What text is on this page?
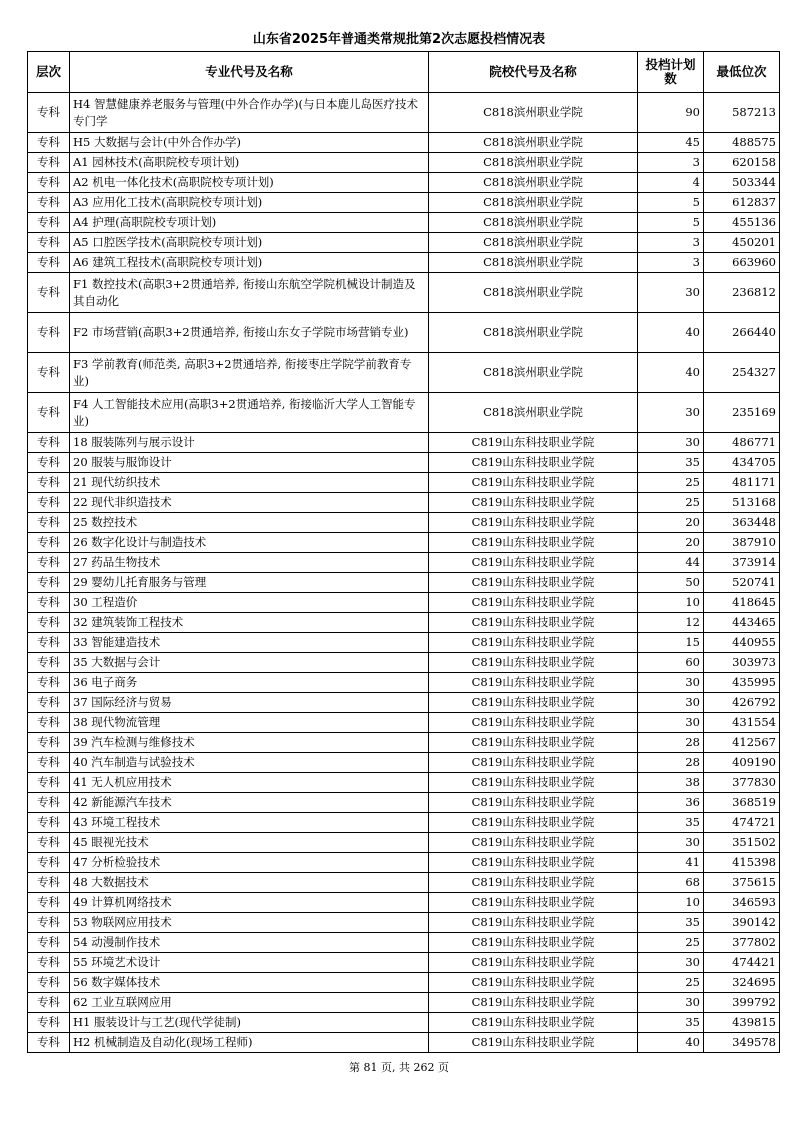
山东省2025年普通类常规批第2次志愿投档情况表
层次	专业代号及名称	院校代号及名称	投档计划数	最低位次
专科	H4 智慧健康养老服务与管理(中外合作办学)(与日本鹿儿岛医疗技术专门学	C818滨州职业学院	90	587213
专科	H5 大数据与会计(中外合作办学)	C818滨州职业学院	45	488575
专科	A1 园林技术(高职院校专项计划)	C818滨州职业学院	3	620158
专科	A2 机电一体化技术(高职院校专项计划)	C818滨州职业学院	4	503344
专科	A3 应用化工技术(高职院校专项计划)	C818滨州职业学院	5	612837
专科	A4 护理(高职院校专项计划)	C818滨州职业学院	5	455136
专科	A5 口腔医学技术(高职院校专项计划)	C818滨州职业学院	3	450201
专科	A6 建筑工程技术(高职院校专项计划)	C818滨州职业学院	3	663960
专科	F1 数控技术(高职3+2贯通培养, 衔接山东航空学院机械设计制造及其自动化	C818滨州职业学院	30	236812
专科	F2 市场营销(高职3+2贯通培养, 衔接山东女子学院市场营销专业)	C818滨州职业学院	40	266440
专科	F3 学前教育(师范类, 高职3+2贯通培养, 衔接枣庄学院学前教育专业)	C818滨州职业学院	40	254327
专科	F4 人工智能技术应用(高职3+2贯通培养, 衔接临沂大学人工智能专业)	C818滨州职业学院	30	235169
专科	18 服装陈列与展示设计	C819山东科技职业学院	30	486771
专科	20 服装与服饰设计	C819山东科技职业学院	35	434705
专科	21 现代纺织技术	C819山东科技职业学院	25	481171
专科	22 现代非织造技术	C819山东科技职业学院	25	513168
专科	25 数控技术	C819山东科技职业学院	20	363448
专科	26 数字化设计与制造技术	C819山东科技职业学院	20	387910
专科	27 药品生物技术	C819山东科技职业学院	44	373914
专科	29 婴幼儿托育服务与管理	C819山东科技职业学院	50	520741
专科	30 工程造价	C819山东科技职业学院	10	418645
专科	32 建筑装饰工程技术	C819山东科技职业学院	12	443465
专科	33 智能建造技术	C819山东科技职业学院	15	440955
专科	35 大数据与会计	C819山东科技职业学院	60	303973
专科	36 电子商务	C819山东科技职业学院	30	435995
专科	37 国际经济与贸易	C819山东科技职业学院	30	426792
专科	38 现代物流管理	C819山东科技职业学院	30	431554
专科	39 汽车检测与维修技术	C819山东科技职业学院	28	412567
专科	40 汽车制造与试验技术	C819山东科技职业学院	28	409190
专科	41 无人机应用技术	C819山东科技职业学院	38	377830
专科	42 新能源汽车技术	C819山东科技职业学院	36	368519
专科	43 环境工程技术	C819山东科技职业学院	35	474721
专科	45 眼视光技术	C819山东科技职业学院	30	351502
专科	47 分析检验技术	C819山东科技职业学院	41	415398
专科	48 大数据技术	C819山东科技职业学院	68	375615
专科	49 计算机网络技术	C819山东科技职业学院	10	346593
专科	53 物联网应用技术	C819山东科技职业学院	35	390142
专科	54 动漫制作技术	C819山东科技职业学院	25	377802
专科	55 环境艺术设计	C819山东科技职业学院	30	474421
专科	56 数字媒体技术	C819山东科技职业学院	25	324695
专科	62 工业互联网应用	C819山东科技职业学院	30	399792
专科	H1 服装设计与工艺(现代学徒制)	C819山东科技职业学院	35	439815
专科	H2 机械制造及自动化(现场工程师)	C819山东科技职业学院	40	349578
第 81 页, 共 262 页
